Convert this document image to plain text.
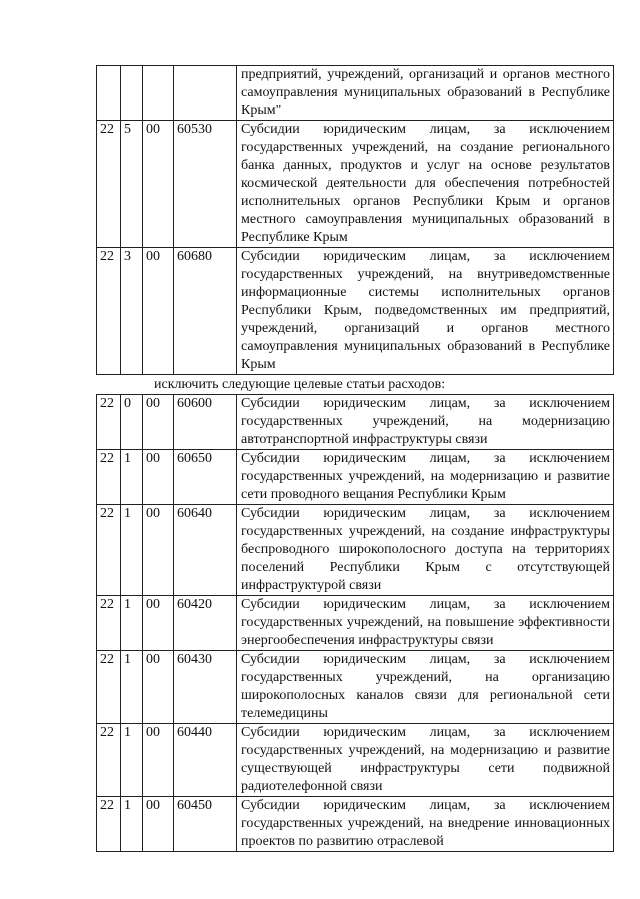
				предприятий, учреждений, организаций и органов местного самоуправления муниципальных образований в Республике Крым"
22	5	00	60530	Субсидии юридическим лицам, за исключением государственных учреждений, на создание регионального банка данных, продуктов и услуг на основе результатов космической деятельности для обеспечения потребностей исполнительных органов Республики Крым и органов местного самоуправления муниципальных образований в Республике Крым
22	3	00	60680	Субсидии юридическим лицам, за исключением государственных учреждений, на внутриведомственные информационные системы исполнительных органов Республики Крым, подведомственных им предприятий, учреждений, организаций и органов местного самоуправления муниципальных образований в Республике Крым
исключить следующие целевые статьи расходов:
22	0	00	60600	Субсидии юридическим лицам, за исключением государственных учреждений, на модернизацию автотранспортной инфраструктуры связи
22	1	00	60650	Субсидии юридическим лицам, за исключением государственных учреждений, на модернизацию и развитие сети проводного вещания Республики Крым
22	1	00	60640	Субсидии юридическим лицам, за исключением государственных учреждений, на создание инфраструктуры беспроводного широкополосного доступа на территориях поселений Республики Крым с отсутствующей инфраструктурой связи
22	1	00	60420	Субсидии юридическим лицам, за исключением государственных учреждений, на повышение эффективности энергообеспечения инфраструктуры связи
22	1	00	60430	Субсидии юридическим лицам, за исключением государственных учреждений, на организацию широкополосных каналов связи для региональной сети телемедицины
22	1	00	60440	Субсидии юридическим лицам, за исключением государственных учреждений, на модернизацию и развитие существующей инфраструктуры сети подвижной радиотелефонной связи
22	1	00	60450	Субсидии юридическим лицам, за исключением государственных учреждений, на внедрение инновационных проектов по развитию отраслевой
